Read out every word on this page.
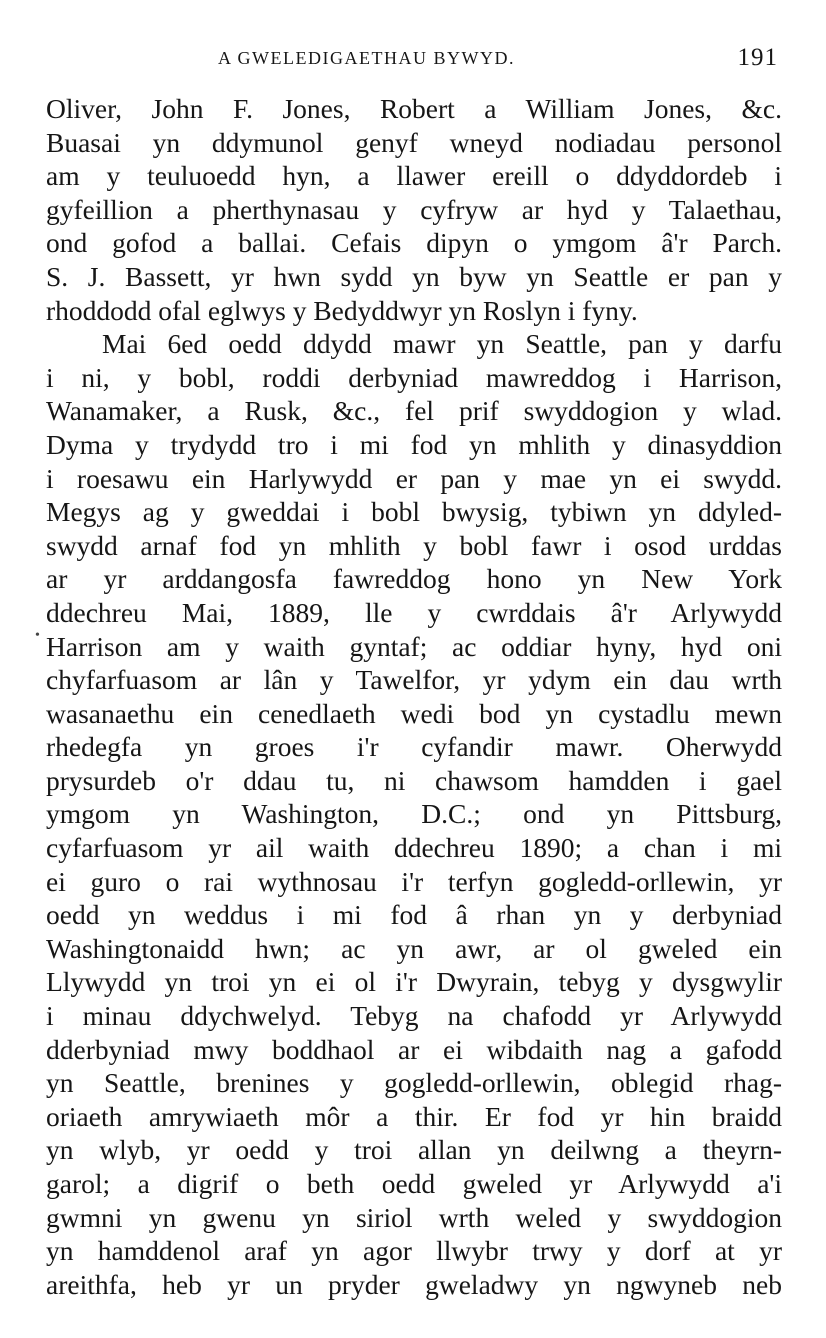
A GWELEDIGAETHAU BYWYD.	191
•
Oliver, John F. Jones, Robert a William Jones, &c.
Buasai yn ddymunol genyf wneyd nodiadau personol
am y teuluoedd hyn, a llawer ereill o ddyddordeb i
gyfeillion a pherthynasau y cyfryw ar hyd y Talaethau,
ond gofod a ballai. Cefais dipyn o ymgom â'r Parch.
S. J. Bassett, yr hwn sydd yn byw yn Seattle er pan y
rhoddodd ofal eglwys y Bedyddwyr yn Roslyn i fyny.
Mai 6ed oedd ddydd mawr yn Seattle, pan y darfu
i ni, y bobl, roddi derbyniad mawreddog i Harrison,
Wanamaker, a Rusk, &c., fel prif swyddogion y wlad.
Dyma y trydydd tro i mi fod yn mhlith y dinasyddion
i roesawu ein Harlywydd er pan y mae yn ei swydd.
Megys ag y gweddai i bobl bwysig, tybiwn yn ddyled-
swydd arnaf fod yn mhlith y bobl fawr i osod urddas
ar yr arddangosfa fawreddog hono yn New York
ddechreu Mai, 1889, lle y cwrddais â'r Arlywydd
Harrison am y waith gyntaf; ac oddiar hyny, hyd oni
chyfarfuasom ar lân y Tawelfor, yr ydym ein dau wrth
wasanaethu ein cenedlaeth wedi bod yn cystadlu mewn
rhedegfa yn groes i'r cyfandir mawr. Oherwydd
prysurdeb o'r ddau tu, ni chawsom hamdden i gael
ymgom yn Washington, D.C.; ond yn Pittsburg,
cyfarfuasom yr ail waith ddechreu 1890; a chan i mi
ei guro o rai wythnosau i'r terfyn gogledd-orllewin, yr
oedd yn weddus i mi fod â rhan yn y derbyniad
Washingtonaidd hwn; ac yn awr, ar ol gweled ein
Llywydd yn troi yn ei ol i'r Dwyrain, tebyg y dysgwylir
i minau ddychwelyd. Tebyg na chafodd yr Arlywydd
dderbyniad mwy boddhaol ar ei wibdaith nag a gafodd
yn Seattle, brenines y gogledd-orllewin, oblegid rhag-
oriaeth amrywiaeth môr a thir. Er fod yr hin braidd
yn wlyb, yr oedd y troi allan yn deilwng a theyrn-
garol; a digrif o beth oedd gweled yr Arlywydd a'i
gwmni yn gwenu yn siriol wrth weled y swyddogion
yn hamddenol araf yn agor llwybr trwy y dorf at yr
areithfa, heb yr un pryder gweladwy yn ngwyneb neb
